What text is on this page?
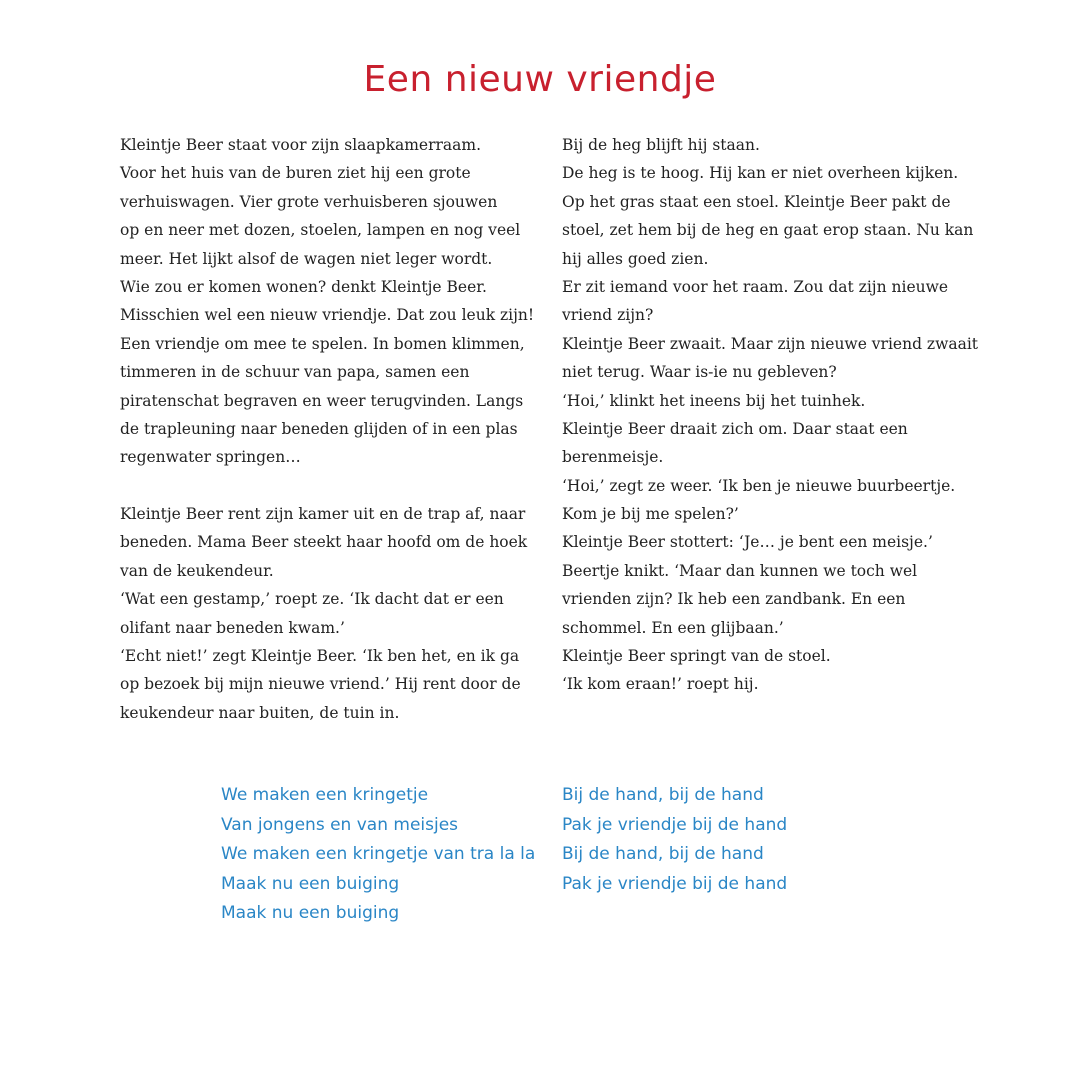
Een nieuw vriendje
Kleintje Beer staat voor zijn slaapkamerraam.
Voor het huis van de buren ziet hij een grote
verhuiswagen. Vier grote verhuisberen sjouwen
op en neer met dozen, stoelen, lampen en nog veel
meer. Het lijkt alsof de wagen niet leger wordt.
Wie zou er komen wonen? denkt Kleintje Beer.
Misschien wel een nieuw vriendje. Dat zou leuk zijn!
Een vriendje om mee te spelen. In bomen klimmen,
timmeren in de schuur van papa, samen een
piratenschat begraven en weer terugvinden. Langs
de trapleuning naar beneden glijden of in een plas
regenwater springen…
Kleintje Beer rent zijn kamer uit en de trap af, naar
beneden. Mama Beer steekt haar hoofd om de hoek
van de keukendeur.
‘Wat een gestamp,’ roept ze. ‘Ik dacht dat er een
olifant naar beneden kwam.’
‘Echt niet!’ zegt Kleintje Beer. ‘Ik ben het, en ik ga
op bezoek bij mijn nieuwe vriend.’ Hij rent door de
keukendeur naar buiten, de tuin in.
Bij de heg blijft hij staan.
De heg is te hoog. Hij kan er niet overheen kijken.
Op het gras staat een stoel. Kleintje Beer pakt de
stoel, zet hem bij de heg en gaat erop staan. Nu kan
hij alles goed zien.
Er zit iemand voor het raam. Zou dat zijn nieuwe
vriend zijn?
Kleintje Beer zwaait. Maar zijn nieuwe vriend zwaait
niet terug. Waar is-ie nu gebleven?
‘Hoi,’ klinkt het ineens bij het tuinhek.
Kleintje Beer draait zich om. Daar staat een
berenmeisje.
‘Hoi,’ zegt ze weer. ‘Ik ben je nieuwe buurbeertje.
Kom je bij me spelen?’
Kleintje Beer stottert: ‘Je… je bent een meisje.’
Beertje knikt. ‘Maar dan kunnen we toch wel
vrienden zijn? Ik heb een zandbank. En een
schommel. En een glijbaan.’
Kleintje Beer springt van de stoel.
‘Ik kom eraan!’ roept hij.
We maken een kringetje
Van jongens en van meisjes
We maken een kringetje van tra la la
Maak nu een buiging
Maak nu een buiging
Bij de hand, bij de hand
Pak je vriendje bij de hand
Bij de hand, bij de hand
Pak je vriendje bij de hand
